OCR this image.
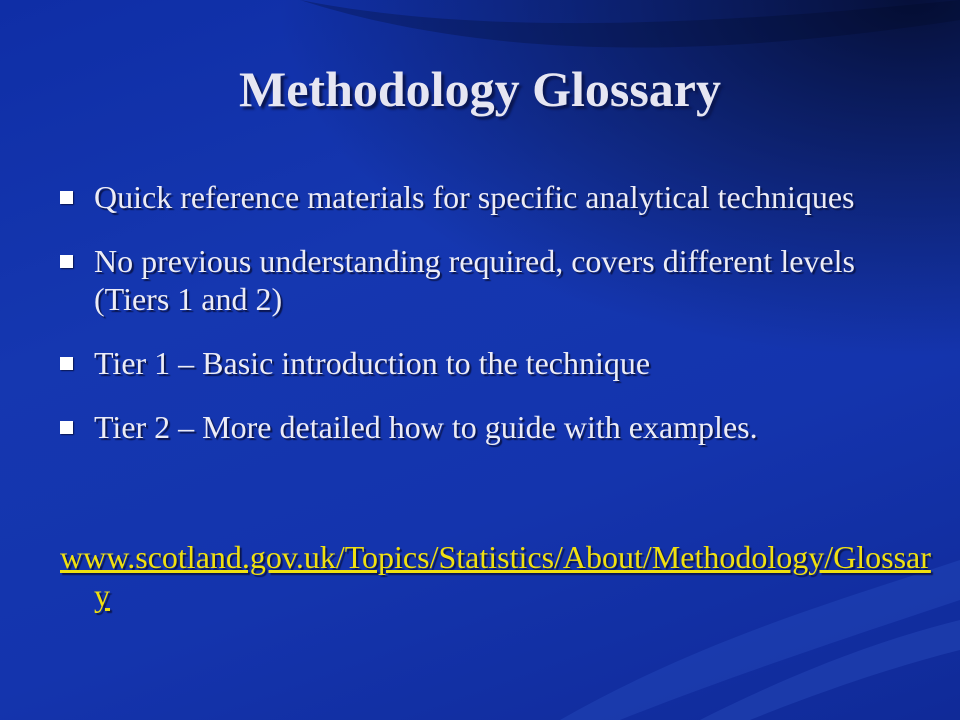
Methodology Glossary
Quick reference materials for specific analytical techniques
No previous understanding required, covers different levels (Tiers 1 and 2)
Tier 1 – Basic introduction to the technique
Tier 2 – More detailed how to guide with examples.
www.scotland.gov.uk/Topics/Statistics/About/Methodology/Glossary
